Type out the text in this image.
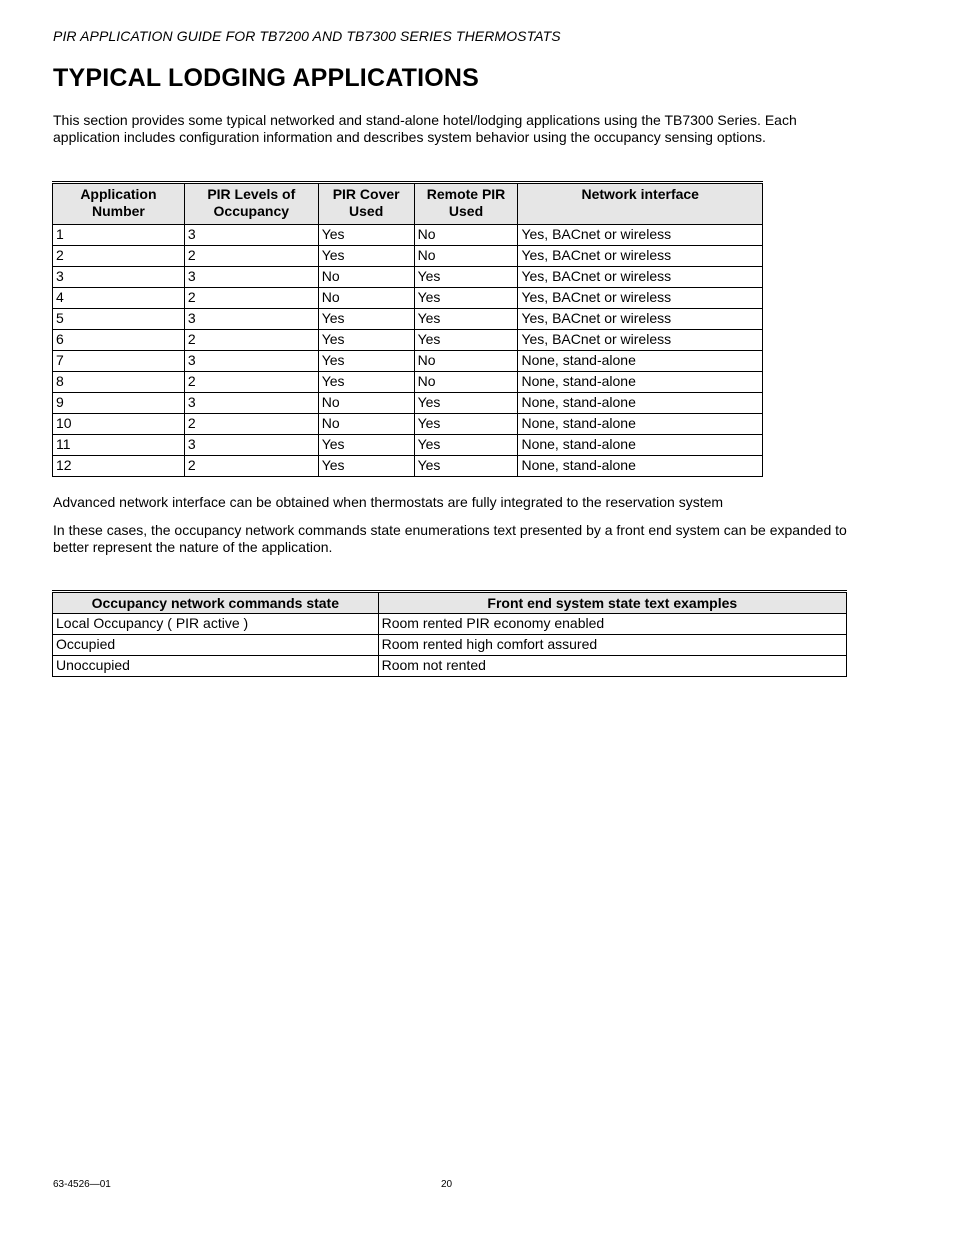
PIR APPLICATION GUIDE FOR TB7200 AND TB7300 SERIES THERMOSTATS
TYPICAL LODGING APPLICATIONS

This section provides some typical networked and stand-alone hotel/lodging applications using the TB7300 Series. Each application includes configuration information and describes system behavior using the occupancy sensing options.

Application Number	PIR Levels of Occupancy	PIR Cover Used	Remote PIR Used	Network interface
1	3	Yes	No	Yes, BACnet or wireless
2	2	Yes	No	Yes, BACnet or wireless
3	3	No	Yes	Yes, BACnet or wireless
4	2	No	Yes	Yes, BACnet or wireless
5	3	Yes	Yes	Yes, BACnet or wireless
6	2	Yes	Yes	Yes, BACnet or wireless
7	3	Yes	No	None, stand-alone
8	2	Yes	No	None, stand-alone
9	3	No	Yes	None, stand-alone
10	2	No	Yes	None, stand-alone
11	3	Yes	Yes	None, stand-alone
12	2	Yes	Yes	None, stand-alone

Advanced network interface can be obtained when thermostats are fully integrated to the reservation system

In these cases, the occupancy network commands state enumerations text presented by a front end system can be expanded to better represent the nature of the application.

Occupancy network commands state	Front end system state text examples
Local Occupancy ( PIR active )	Room rented PIR economy enabled
Occupied	Room rented high comfort assured
Unoccupied	Room not rented
63-4526—01	20
